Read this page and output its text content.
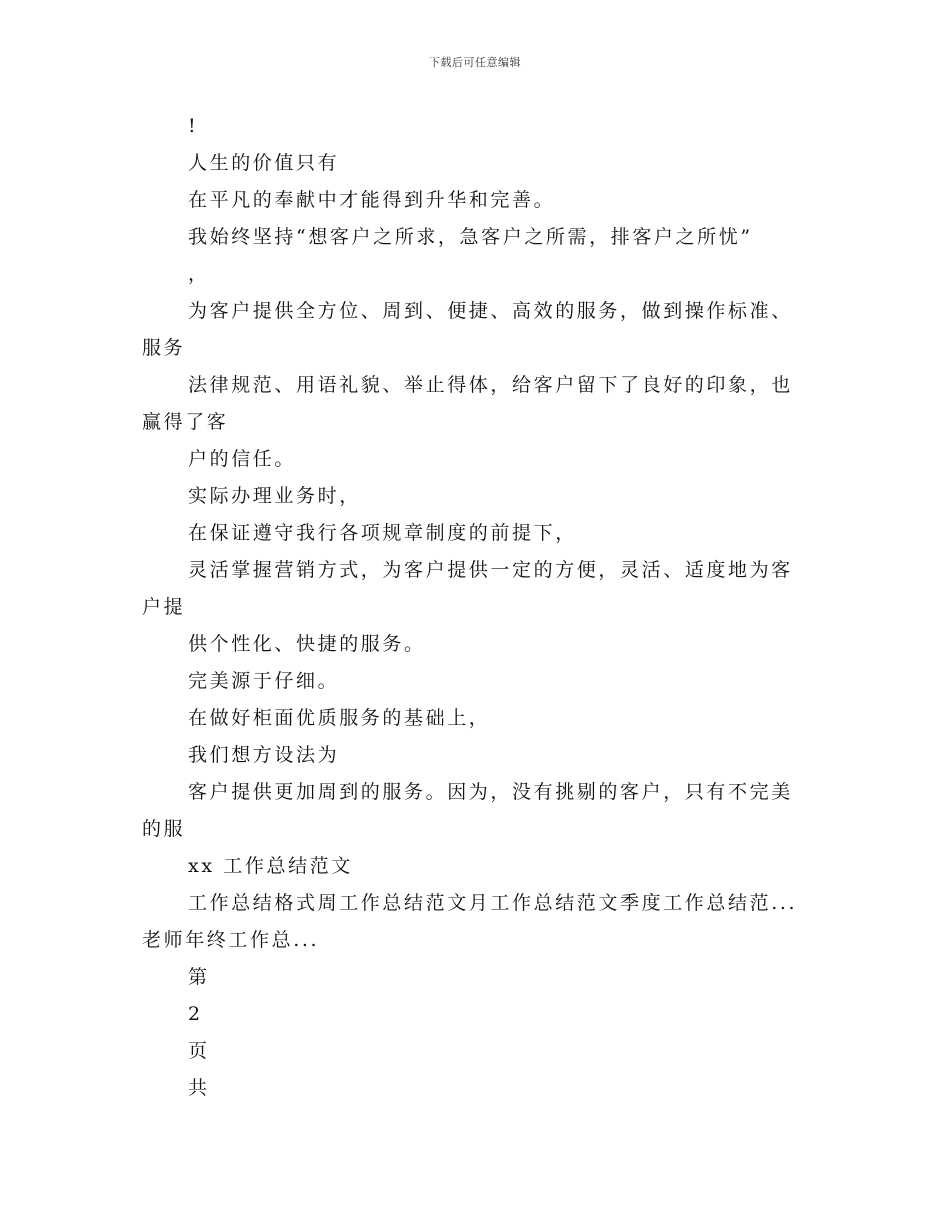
下载后可任意编辑
!
人生的价值只有
在平凡的奉献中才能得到升华和完善。
我始终坚持“想客户之所求，急客户之所需，排客户之所忧”
，
为客户提供全方位、周到、便捷、高效的服务，做到操作标准、
服务
法律规范、用语礼貌、举止得体，给客户留下了良好的印象，也
赢得了客
户的信任。
实际办理业务时，
在保证遵守我行各项规章制度的前提下，
灵活掌握营销方式，为客户提供一定的方便，灵活、适度地为客
户提
供个性化、快捷的服务。
完美源于仔细。
在做好柜面优质服务的基础上，
我们想方设法为
客户提供更加周到的服务。因为，没有挑剔的客户，只有不完美
的服
xx 工作总结范文
工作总结格式周工作总结范文月工作总结范文季度工作总结范...
老师年终工作总...
第
2
页
共
